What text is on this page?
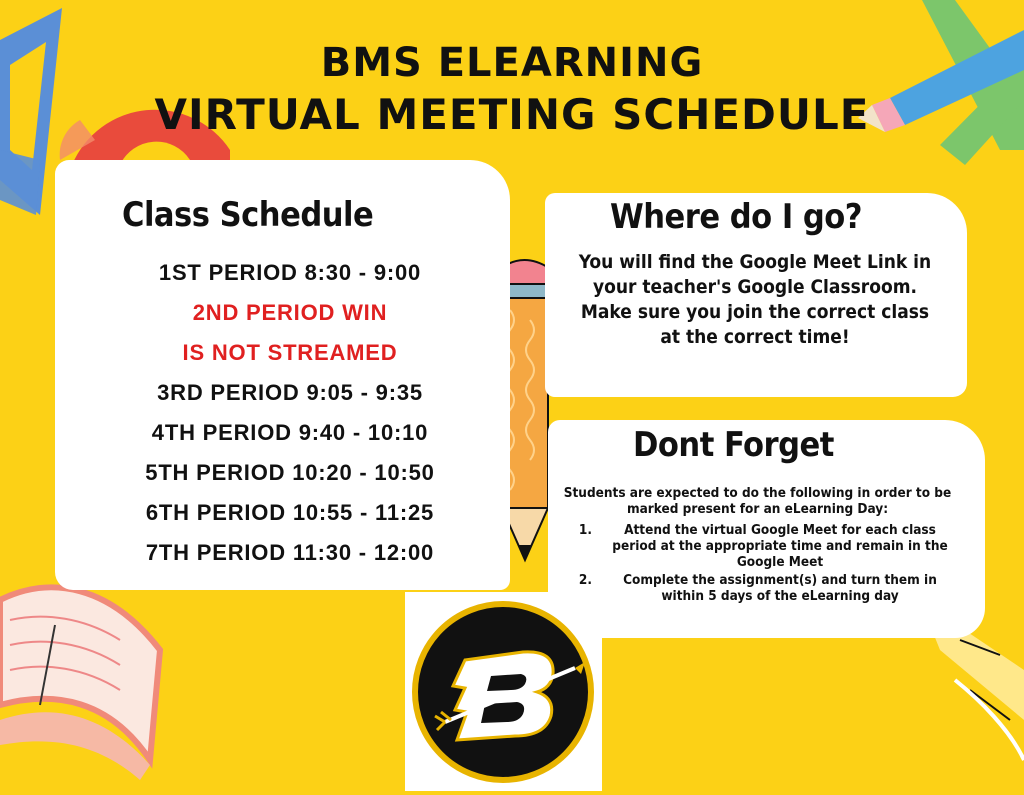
BMS ELEARNING
VIRTUAL MEETING SCHEDULE
Class Schedule
1ST PERIOD 8:30 - 9:00
2ND PERIOD WIN
IS NOT STREAMED
3RD PERIOD 9:05 - 9:35
4TH PERIOD 9:40 - 10:10
5TH PERIOD 10:20 - 10:50
6TH PERIOD 10:55 - 11:25
7TH PERIOD 11:30 - 12:00
Where do I go?
You will find the Google Meet Link in your teacher's Google Classroom. Make sure you join the correct class at the correct time!
Dont Forget
Students are expected to do the following in order to be marked present for an eLearning Day:
1.	Attend the virtual Google Meet for each class period at the appropriate time and remain in the Google Meet
2.	Complete the assignment(s) and turn them in within 5 days of the eLearning day
